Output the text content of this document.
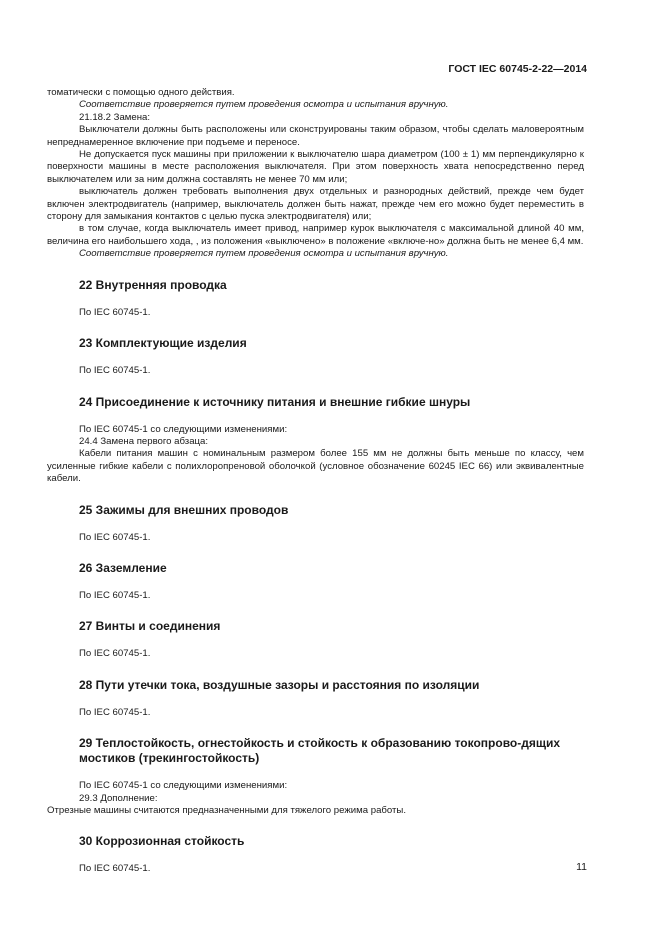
ГОСТ IEC 60745-2-22—2014

томатически с помощью одного действия.

Соответствие проверяется путем проведения осмотра и испытания вручную.

21.18.2 Замена:

Выключатели должны быть расположены или сконструированы таким образом, чтобы сделать маловероятным непреднамеренное включение при подъеме и переносе.

Не допускается пуск машины при приложении к выключателю шара диаметром (100 ± 1) мм перпендикулярно к поверхности машины в месте расположения выключателя. При этом поверхность хвата непосредственно перед выключателем или за ним должна составлять не менее 70 мм или;

выключатель должен требовать выполнения двух отдельных и разнородных действий, прежде чем будет включен электродвигатель (например, выключатель должен быть нажат, прежде чем его можно будет переместить в сторону для замыкания контактов с целью пуска электродвигателя) или;

в том случае, когда выключатель имеет привод, например курок выключателя с максимальной длиной 40 мм, величина его наибольшего хода, , из положения «выключено» в положение «включе-но» должна быть не менее 6,4 мм.

Соответствие проверяется путем проведения осмотра и испытания вручную.

22 Внутренняя проводка

По IEC 60745-1.

23 Комплектующие изделия

По IEC 60745-1.

24 Присоединение к источнику питания и внешние гибкие шнуры

По IEC 60745-1 со следующими изменениями:

24.4 Замена первого абзаца:

Кабели питания машин с номинальным размером более 155 мм не должны быть меньше по классу, чем усиленные гибкие кабели с полихлоропреновой оболочкой (условное обозначение 60245 IEC 66) или эквивалентные кабели.

25 Зажимы для внешних проводов

По IEC 60745-1.

26 Заземление

По IEC 60745-1.

27 Винты и соединения

По IEC 60745-1.

28 Пути утечки тока, воздушные зазоры и расстояния по изоляции

По IEC 60745-1.

29 Теплостойкость, огнестойкость и стойкость к образованию токопрово-дящих мостиков (трекингостойкость)

По IEC 60745-1 со следующими изменениями:

29.3 Дополнение:

Отрезные машины считаются предназначенными для тяжелого режима работы.

30 Коррозионная стойкость

По IEC 60745-1.	11
